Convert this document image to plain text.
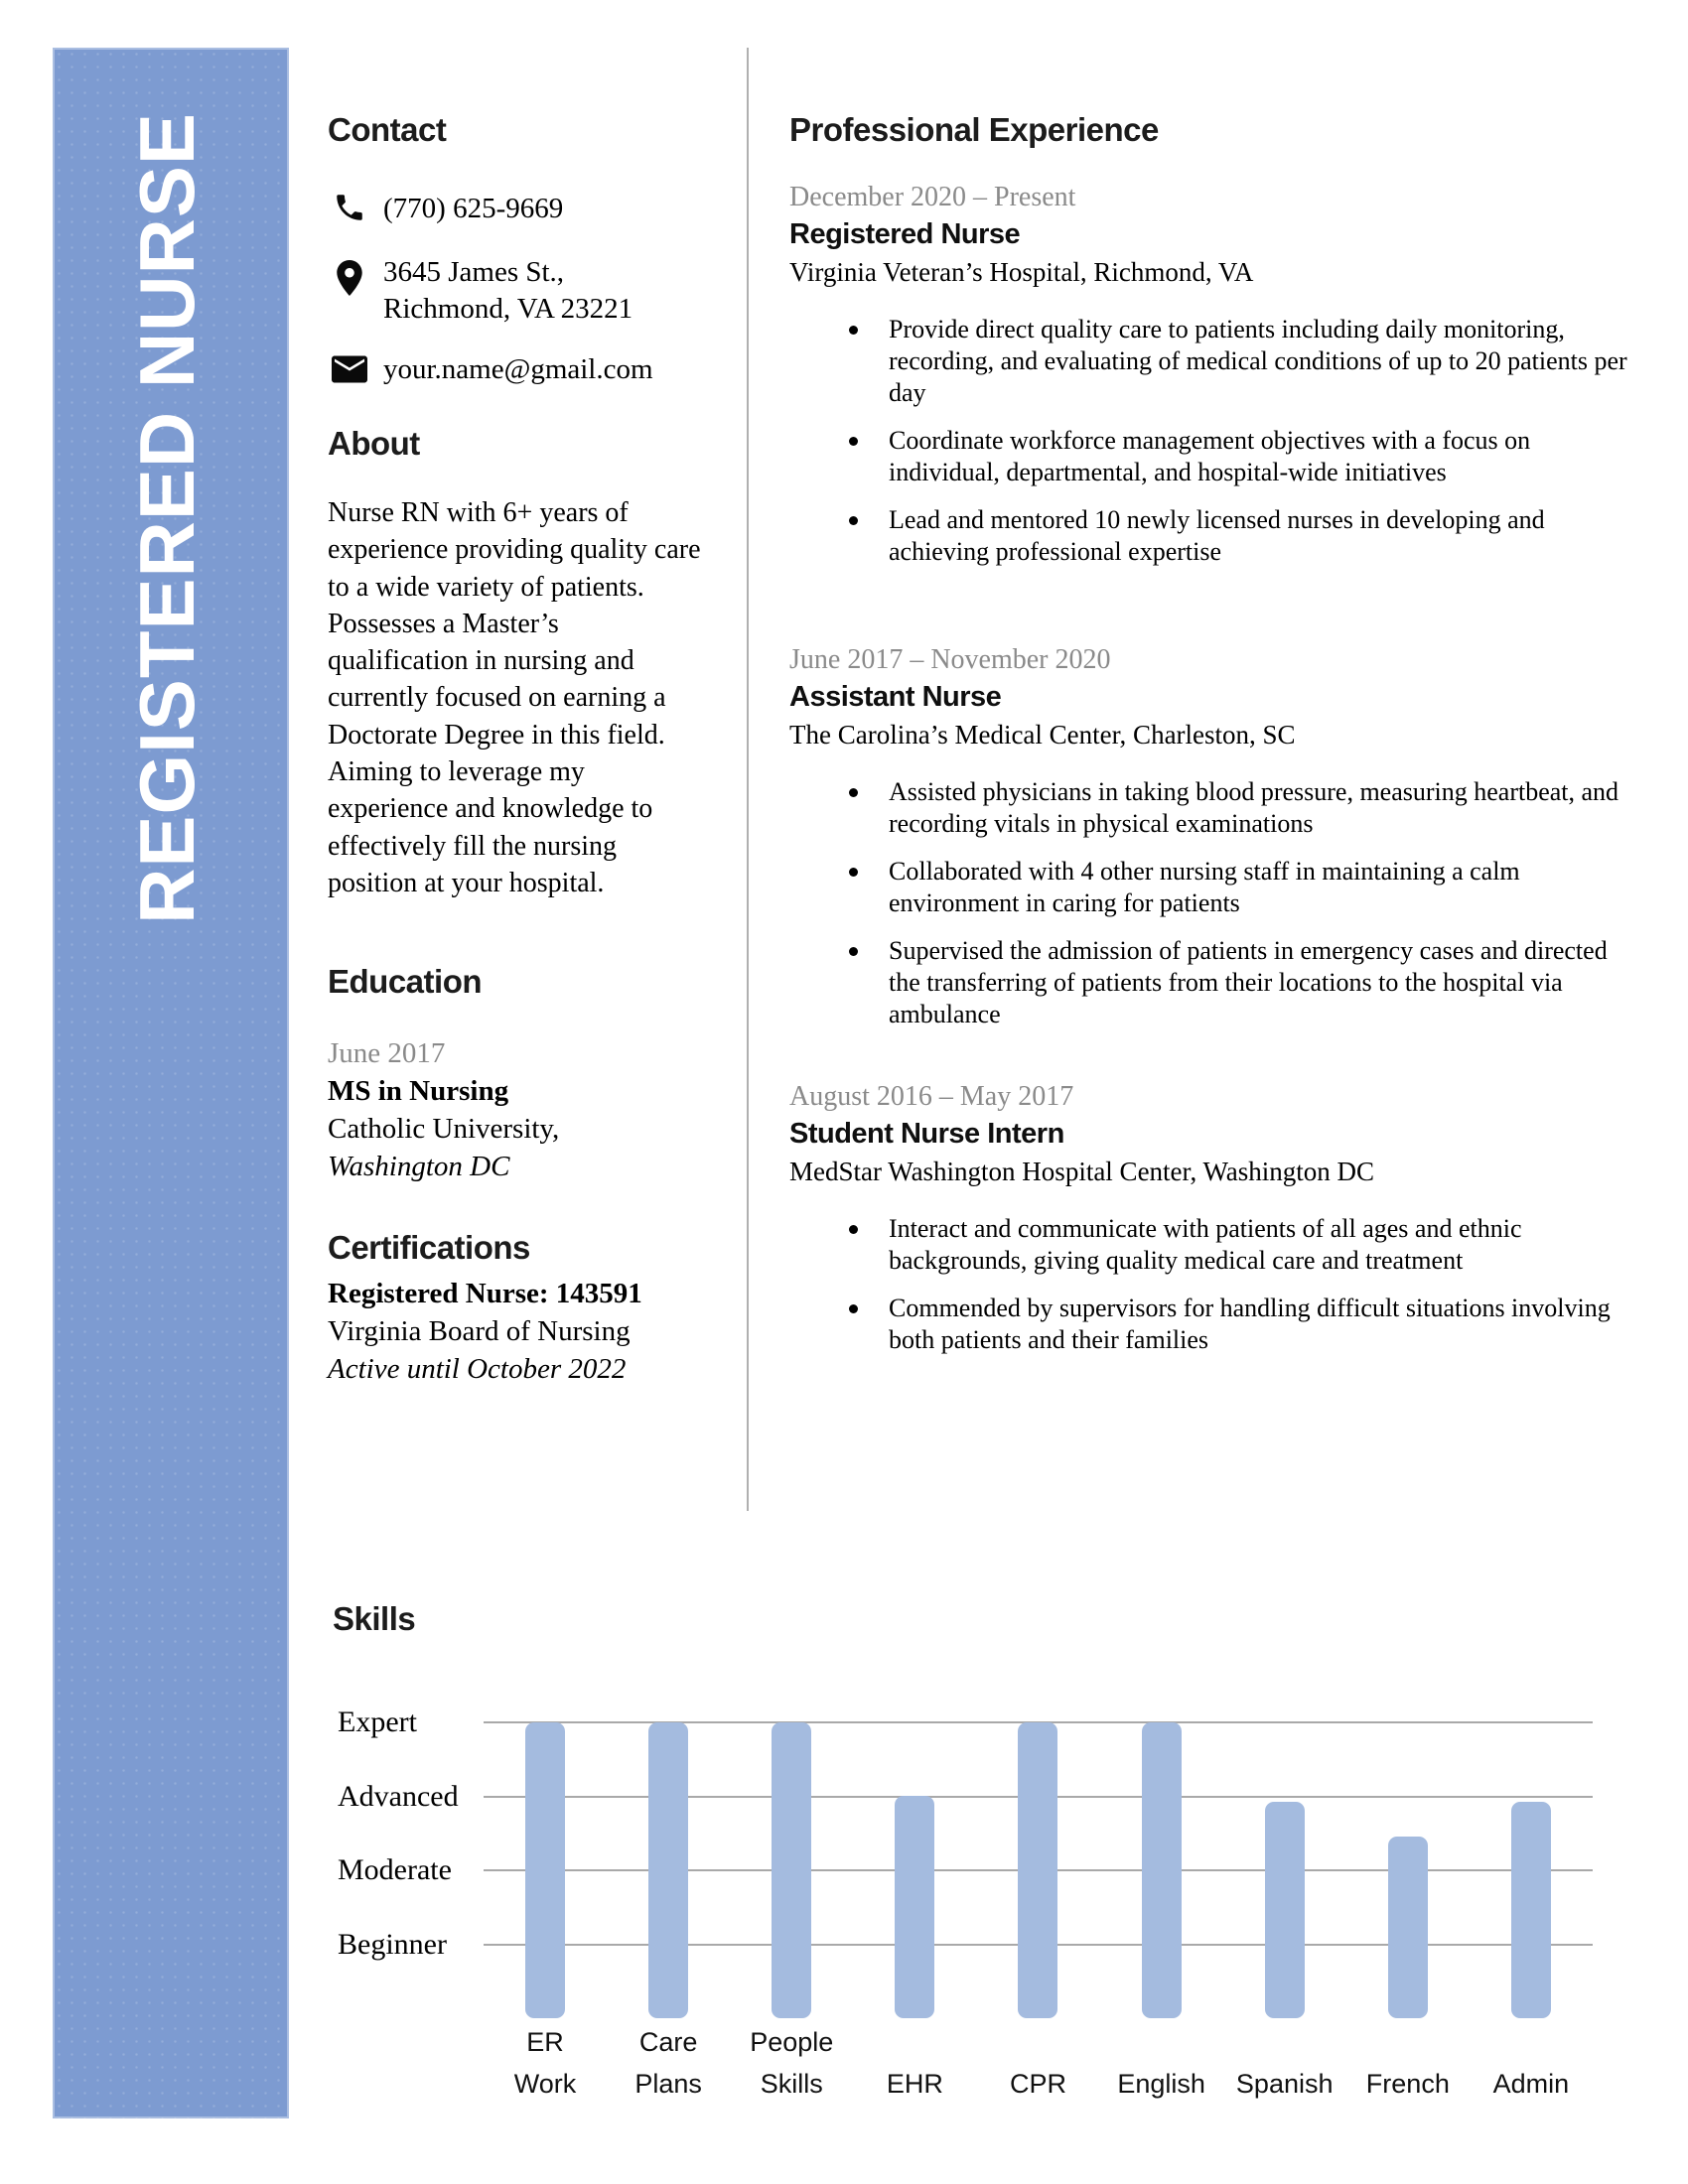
REGISTERED NURSE	Contact
(770) 625-9669
3645 James St.,
Richmond, VA 23221
your.name@gmail.com
About
Nurse RN with 6+ years of experience providing quality care to a wide variety of patients. Possesses a Master’s qualification in nursing and currently focused on earning a Doctorate Degree in this field. Aiming to leverage my experience and knowledge to effectively fill the nursing position at your hospital.
Education
June 2017
MS in Nursing
Catholic University,
Washington DC
Certifications
Registered Nurse: 143591
Virginia Board of Nursing
Active until October 2022
Professional Experience
December 2020 – Present
Registered Nurse
Virginia Veteran’s Hospital, Richmond, VA
Provide direct quality care to patients including daily monitoring, recording, and evaluating of medical conditions of up to 20 patients per day
Coordinate workforce management objectives with a focus on individual, departmental, and hospital-wide initiatives
Lead and mentored 10 newly licensed nurses in developing and achieving professional expertise
June 2017 – November 2020
Assistant Nurse
The Carolina’s Medical Center, Charleston, SC
Assisted physicians in taking blood pressure, measuring heartbeat, and recording vitals in physical examinations
Collaborated with 4 other nursing staff in maintaining a calm environment in caring for patients
Supervised the admission of patients in emergency cases and directed the transferring of patients from their locations to the hospital via ambulance
August 2016 – May 2017
Student Nurse Intern
MedStar Washington Hospital Center, Washington DC
Interact and communicate with patients of all ages and ethnic backgrounds, giving quality medical care and treatment
Commended by supervisors for handling difficult situations involving both patients and their families
Skills
Expert
Advanced
Moderate
Beginner
ER
Work
Care
Plans
People
Skills	EHR	CPR	English	Spanish	French	Admin
